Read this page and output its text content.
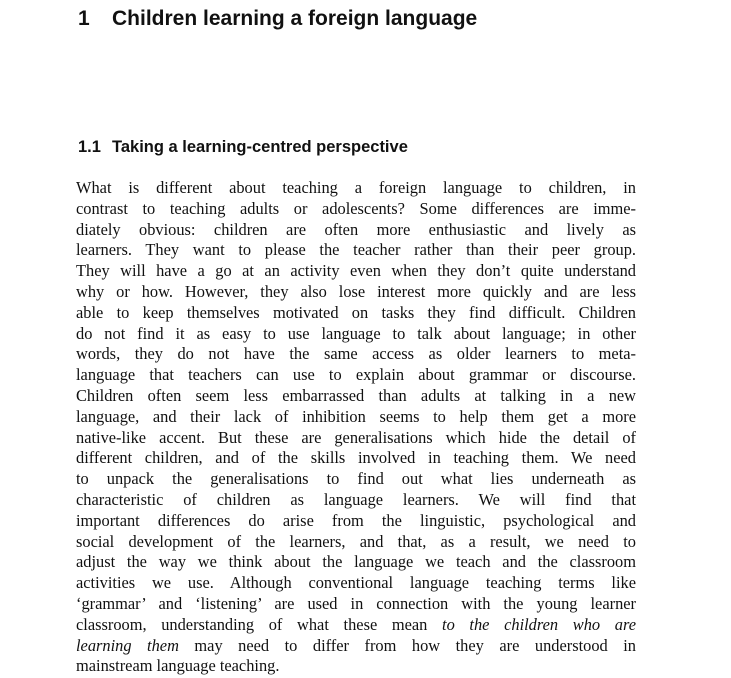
1 Children learning a foreign language
1.1 Taking a learning-centred perspective
What is different about teaching a foreign language to children, in
contrast to teaching adults or adolescents? Some differences are imme-
diately obvious: children are often more enthusiastic and lively as
learners. They want to please the teacher rather than their peer group.
They will have a go at an activity even when they don’t quite understand
why or how. However, they also lose interest more quickly and are less
able to keep themselves motivated on tasks they find difficult. Children
do not find it as easy to use language to talk about language; in other
words, they do not have the same access as older learners to meta-
language that teachers can use to explain about grammar or discourse.
Children often seem less embarrassed than adults at talking in a new
language, and their lack of inhibition seems to help them get a more
native-like accent. But these are generalisations which hide the detail of
different children, and of the skills involved in teaching them. We need
to unpack the generalisations to find out what lies underneath as
characteristic of children as language learners. We will find that
important differences do arise from the linguistic, psychological and
social development of the learners, and that, as a result, we need to
adjust the way we think about the language we teach and the classroom
activities we use. Although conventional language teaching terms like
‘grammar’ and ‘listening’ are used in connection with the young learner
classroom, understanding of what these mean to the children who are
learning them may need to differ from how they are understood in
mainstream language teaching.
